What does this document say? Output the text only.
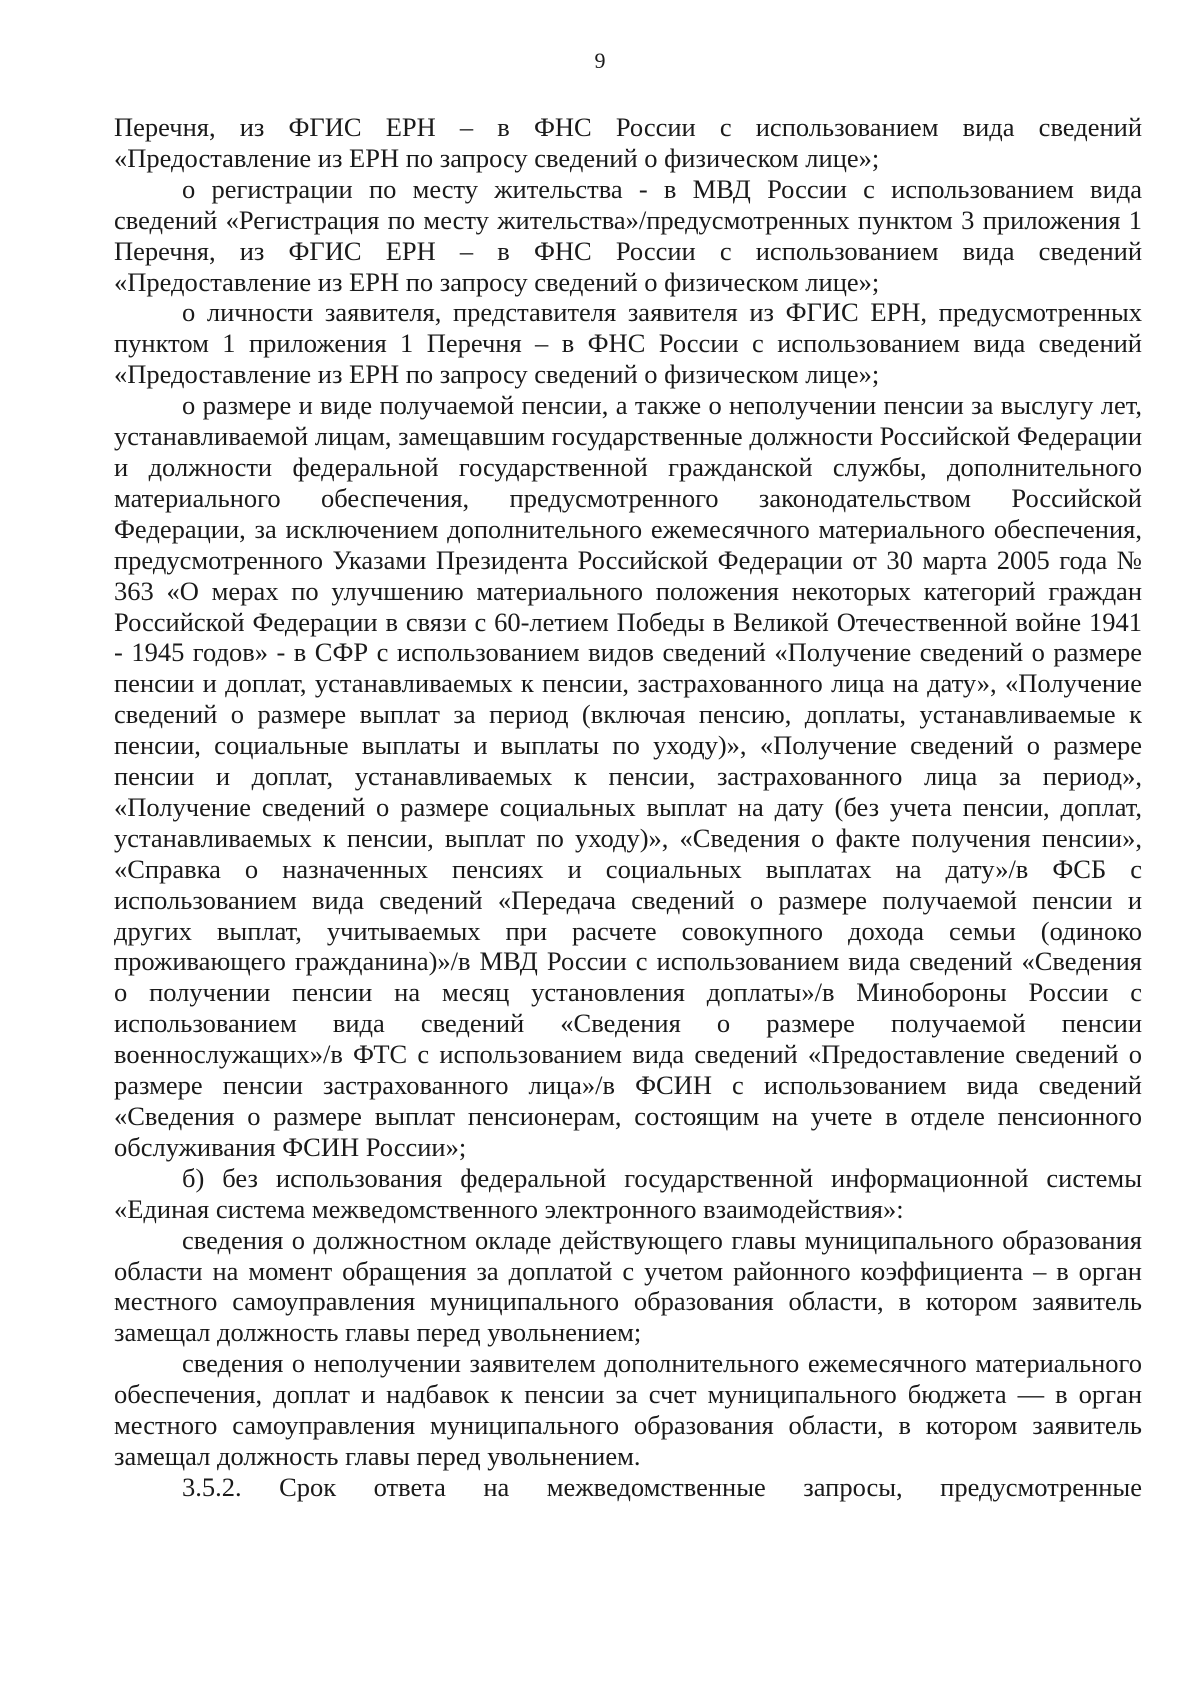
9

Перечня, из ФГИС ЕРН – в ФНС России с использованием вида сведений «Предоставление из ЕРН по запросу сведений о физическом лице»;

о регистрации по месту жительства - в МВД России с использованием вида сведений «Регистрация по месту жительства»/предусмотренных пунктом 3 приложения 1 Перечня, из ФГИС ЕРН – в ФНС России с использованием вида сведений «Предоставление из ЕРН по запросу сведений о физическом лице»;

о личности заявителя, представителя заявителя из ФГИС ЕРН, предусмотренных пунктом 1 приложения 1 Перечня – в ФНС России с использованием вида сведений «Предоставление из ЕРН по запросу сведений о физическом лице»;

о размере и виде получаемой пенсии, а также о неполучении пенсии за выслугу лет, устанавливаемой лицам, замещавшим государственные должности Российской Федерации и должности федеральной государственной гражданской службы, дополнительного материального обеспечения, предусмотренного законодательством Российской Федерации, за исключением дополнительного ежемесячного материального обеспечения, предусмотренного Указами Президента Российской Федерации от 30 марта 2005 года № 363 «О мерах по улучшению материального положения некоторых категорий граждан Российской Федерации в связи с 60-летием Победы в Великой Отечественной войне 1941 - 1945 годов» - в СФР с использованием видов сведений «Получение сведений о размере пенсии и доплат, устанавливаемых к пенсии, застрахованного лица на дату», «Получение сведений о размере выплат за период (включая пенсию, доплаты, устанавливаемые к пенсии, социальные выплаты и выплаты по уходу)», «Получение сведений о размере пенсии и доплат, устанавливаемых к пенсии, застрахованного лица за период», «Получение сведений о размере социальных выплат на дату (без учета пенсии, доплат, устанавливаемых к пенсии, выплат по уходу)», «Сведения о факте получения пенсии», «Справка о назначенных пенсиях и социальных выплатах на дату»/в ФСБ с использованием вида сведений «Передача сведений о размере получаемой пенсии и других выплат, учитываемых при расчете совокупного дохода семьи (одиноко проживающего гражданина)»/в МВД России с использованием вида сведений «Сведения о получении пенсии на месяц установления доплаты»/в Минобороны России с использованием вида сведений «Сведения о размере получаемой пенсии военнослужащих»/в ФТС с использованием вида сведений «Предоставление сведений о размере пенсии застрахованного лица»/в ФСИН с использованием вида сведений «Сведения о размере выплат пенсионерам, состоящим на учете в отделе пенсионного обслуживания ФСИН России»;

б) без использования федеральной государственной информационной системы «Единая система межведомственного электронного взаимодействия»:

сведения о должностном окладе действующего главы муниципального образования области на момент обращения за доплатой с учетом районного коэффициента – в орган местного самоуправления муниципального образования области, в котором заявитель замещал должность главы перед увольнением;

сведения о неполучении заявителем дополнительного ежемесячного материального обеспечения, доплат и надбавок к пенсии за счет муниципального бюджета — в орган местного самоуправления муниципального образования области, в котором заявитель замещал должность главы перед увольнением.

3.5.2. Срок ответа на межведомственные запросы, предусмотренные
